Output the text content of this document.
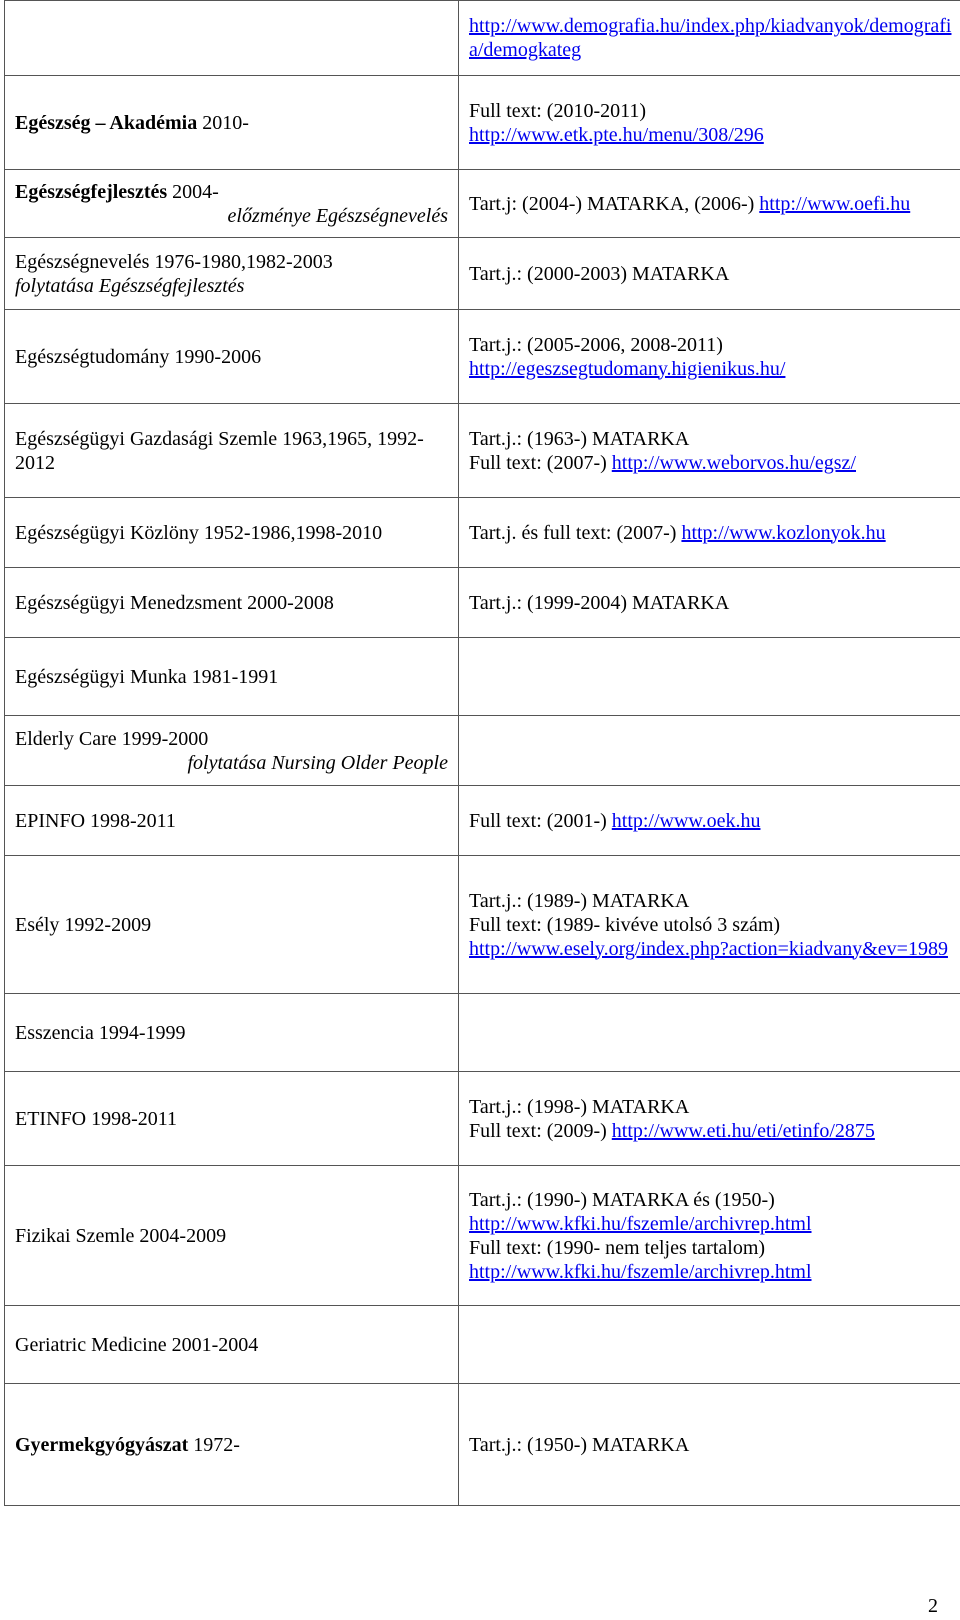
	http://www.demografia.hu/index.php/kiadvanyok/demografia/demogkateg

Egészség – Akadémia 2010-	Full text: (2010-2011)
http://www.etk.pte.hu/menu/308/296

Egészségfejlesztés 2004-
előzménye Egészségnevelés	Tart.j: (2004-) MATARKA, (2006-) http://www.oefi.hu

Egészségnevelés 1976-1980,1982-2003
folytatása Egészségfejlesztés	Tart.j.: (2000-2003) MATARKA

Egészségtudomány 1990-2006	Tart.j.: (2005-2006, 2008-2011)
http://egeszsegtudomany.higienikus.hu/

Egészségügyi Gazdasági Szemle 1963,1965, 1992-2012	Tart.j.: (1963-) MATARKA
Full text: (2007-) http://www.weborvos.hu/egsz/

Egészségügyi Közlöny 1952-1986,1998-2010	Tart.j. és full text: (2007-) http://www.kozlonyok.hu

Egészségügyi Menedzsment 2000-2008	Tart.j.: (1999-2004) MATARKA

Egészségügyi Munka 1981-1991	

Elderly Care 1999-2000
folytatása Nursing Older People	

EPINFO 1998-2011	Full text: (2001-) http://www.oek.hu

Esély 1992-2009	Tart.j.: (1989-) MATARKA
Full text: (1989- kivéve utolsó 3 szám)
http://www.esely.org/index.php?action=kiadvany&ev=1989

Esszencia 1994-1999	

ETINFO 1998-2011	Tart.j.: (1998-) MATARKA
Full text: (2009-) http://www.eti.hu/eti/etinfo/2875

Fizikai Szemle 2004-2009	Tart.j.: (1990-) MATARKA és (1950-)
http://www.kfki.hu/fszemle/archivrep.html
Full text: (1990- nem teljes tartalom)
http://www.kfki.hu/fszemle/archivrep.html

Geriatric Medicine 2001-2004	

Gyermekgyógyászat 1972-	Tart.j.: (1950-) MATARKA
2
